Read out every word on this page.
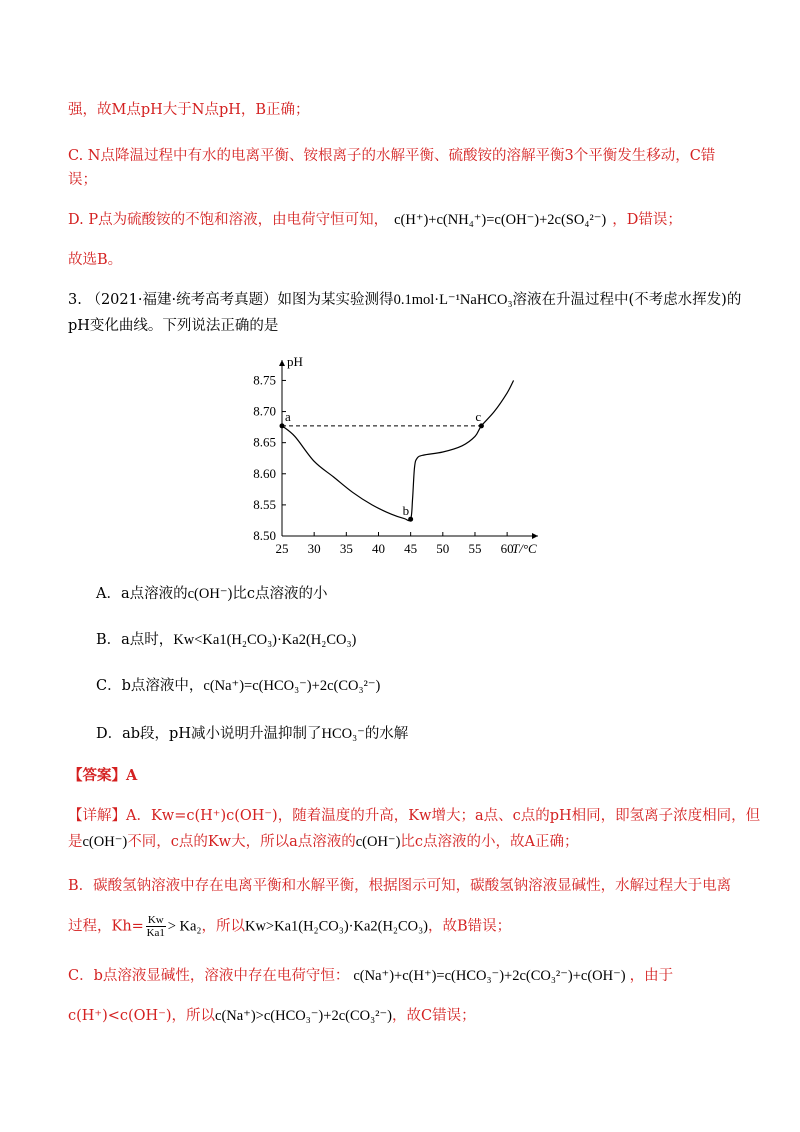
强，故M点pH大于N点pH，B正确；
C. N点降温过程中有水的电离平衡、铵根离子的水解平衡、硫酸铵的溶解平衡3个平衡发生移动，C错
误；
D. P点为硫酸铵的不饱和溶液，由电荷守恒可知， c(H⁺)+c(NH₄⁺)=c(OH⁻)+2c(SO₄²⁻) ，D错误；
故选B。
3. （2021·福建·统考高考真题）如图为某实验测得0.1mol·L⁻¹NaHCO₃溶液在升温过程中(不考虑水挥发)的
pH变化曲线。下列说法正确的是
pH
T/°C
25 30 35 40 45 50 55 60
8.50
8.55
8.60
8.65
8.70
8.75
a
b
c
A．a点溶液的c(OH⁻)比c点溶液的小
B．a点时，Kw<Ka1(H₂CO₃)·Ka2(H₂CO₃)
C．b点溶液中，c(Na⁺)=c(HCO₃⁻)+2c(CO₃²⁻)
D．ab段，pH减小说明升温抑制了HCO₃⁻的水解
【答案】A
【详解】A．Kw=c(H⁺)c(OH⁻)，随着温度的升高，Kw增大；a点、c点的pH相同，即氢离子浓度相同，但
是c(OH⁻)不同，c点的Kw大，所以a点溶液的c(OH⁻)比c点溶液的小，故A正确；
B．碳酸氢钠溶液中存在电离平衡和水解平衡，根据图示可知，碳酸氢钠溶液显碱性，水解过程大于电离
过程，$Kh= \frac{Kw}{Ka1} > Ka_2$，所以Kw>Ka1(H₂CO₃)·Ka2(H₂CO₃)，故B错误；
C．b点溶液显碱性，溶液中存在电荷守恒： c(Na⁺)+c(H⁺)=c(HCO₃⁻)+2c(CO₃²⁻)+c(OH⁻) ，由于
c(H⁺)<c(OH⁻)，所以c(Na⁺)>c(HCO₃⁻)+2c(CO₃²⁻)，故C错误；
